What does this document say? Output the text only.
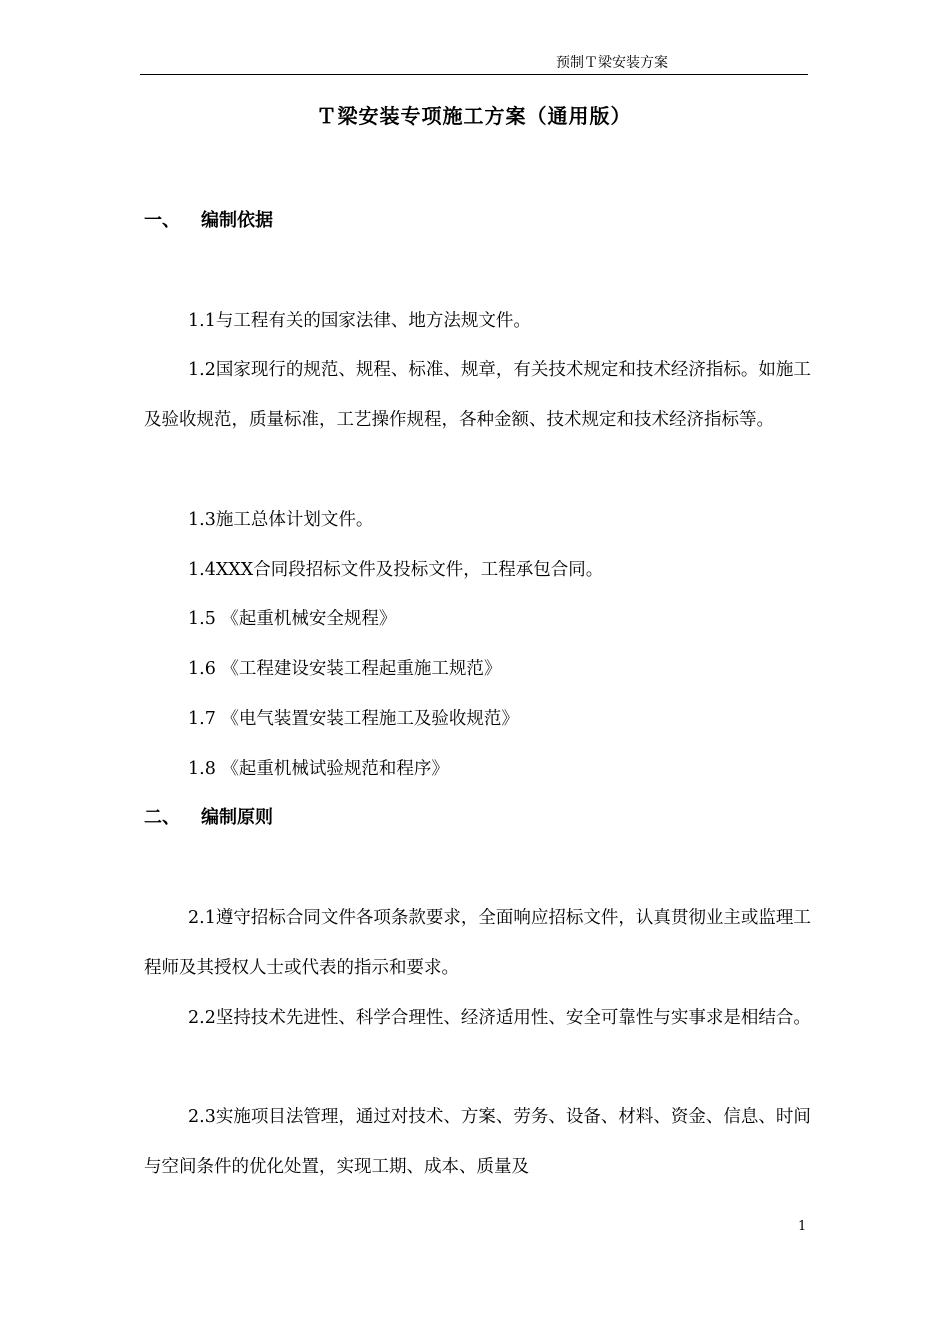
预制Ｔ梁安装方案
Ｔ梁安装专项施工方案（通用版）
一、 编制依据

1.1与工程有关的国家法律、地方法规文件。

1.2国家现行的规范、规程、标准、规章，有关技术规定和技术经济指标。如施工及验收规范，质量标准，工艺操作规程，各种金额、技术规定和技术经济指标等。

1.3施工总体计划文件。

1.4XXX合同段招标文件及投标文件，工程承包合同。

1.5 《起重机械安全规程》

1.6 《工程建设安装工程起重施工规范》

1.7 《电气装置安装工程施工及验收规范》

1.8 《起重机械试验规范和程序》

二、 编制原则

2.1遵守招标合同文件各项条款要求，全面响应招标文件，认真贯彻业主或监理工程师及其授权人士或代表的指示和要求。

2.2坚持技术先进性、科学合理性、经济适用性、安全可靠性与实事求是相结合。

2.3实施项目法管理，通过对技术、方案、劳务、设备、材料、资金、信息、时间与空间条件的优化处置，实现工期、成本、质量及

1
